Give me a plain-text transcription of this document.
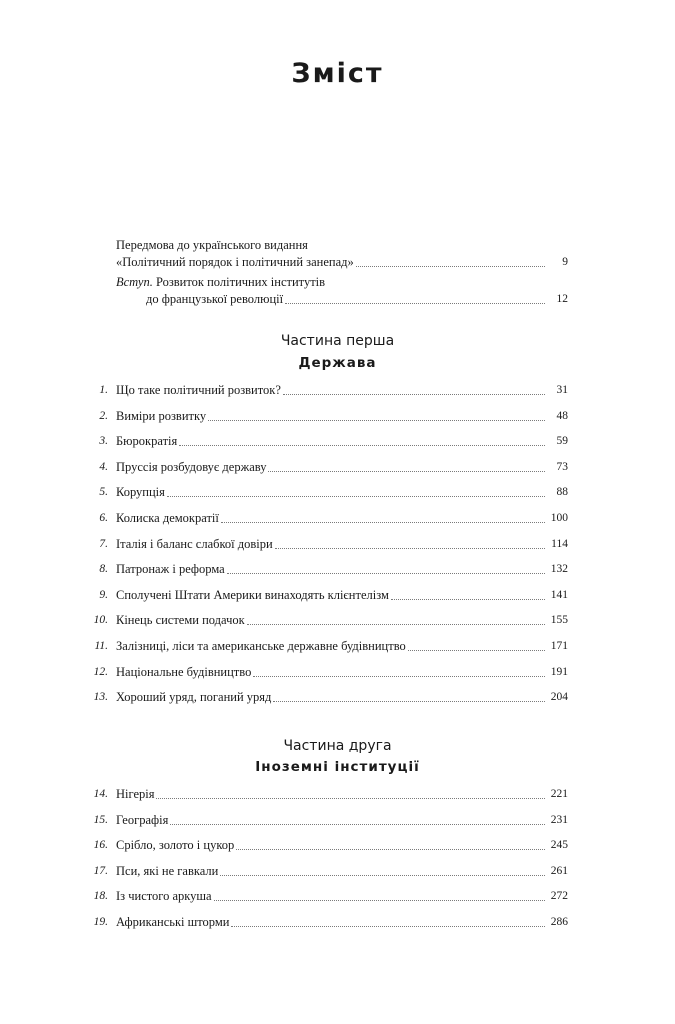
Зміст
Передмова до українського видання
«Політичний порядок і політичний занепад»	9
Вступ. Розвиток політичних інститутів
до французької революції	12
Частина перша
Держава
1. Що таке політичний розвиток?	31
2. Виміри розвитку	48
3. Бюрократія	59
4. Пруссія розбудовує державу	73
5. Корупція	88
6. Колиска демократії	100
7. Італія і баланс слабкої довіри	114
8. Патронаж і реформа	132
9. Сполучені Штати Америки винаходять клієнтелізм	141
10. Кінець системи подачок	155
11. Залізниці, ліси та американське державне будівництво	171
12. Національне будівництво	191
13. Хороший уряд, поганий уряд	204
Частина друга
Іноземні інституції
14. Нігерія	221
15. Географія	231
16. Срібло, золото і цукор	245
17. Пси, які не гавкали	261
18. Із чистого аркуша	272
19. Африканські шторми	286
